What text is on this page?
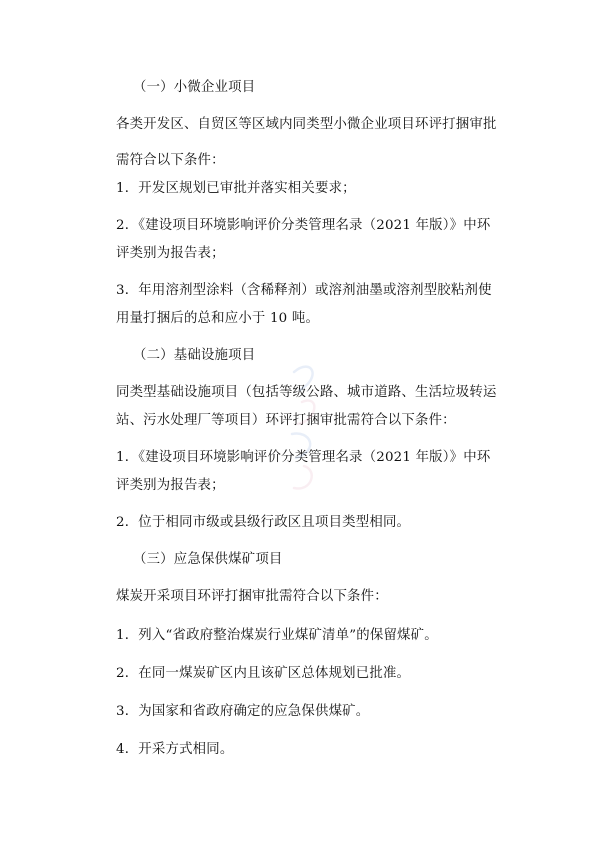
（一）小微企业项目
各类开发区、自贸区等区域内同类型小微企业项目环评打捆审批
需符合以下条件：
1．开发区规划已审批并落实相关要求；
2．《建设项目环境影响评价分类管理名录（2021 年版）》中环
评类别为报告表；
3．年用溶剂型涂料（含稀释剂）或溶剂油墨或溶剂型胶粘剂使
用量打捆后的总和应小于 10 吨。
（二）基础设施项目
同类型基础设施项目（包括等级公路、城市道路、生活垃圾转运
站、污水处理厂等项目）环评打捆审批需符合以下条件：
1．《建设项目环境影响评价分类管理名录（2021 年版）》中环
评类别为报告表；
2．位于相同市级或县级行政区且项目类型相同。
（三）应急保供煤矿项目
煤炭开采项目环评打捆审批需符合以下条件：
1．列入“省政府整治煤炭行业煤矿清单”的保留煤矿。
2．在同一煤炭矿区内且该矿区总体规划已批准。
3．为国家和省政府确定的应急保供煤矿。
4．开采方式相同。
